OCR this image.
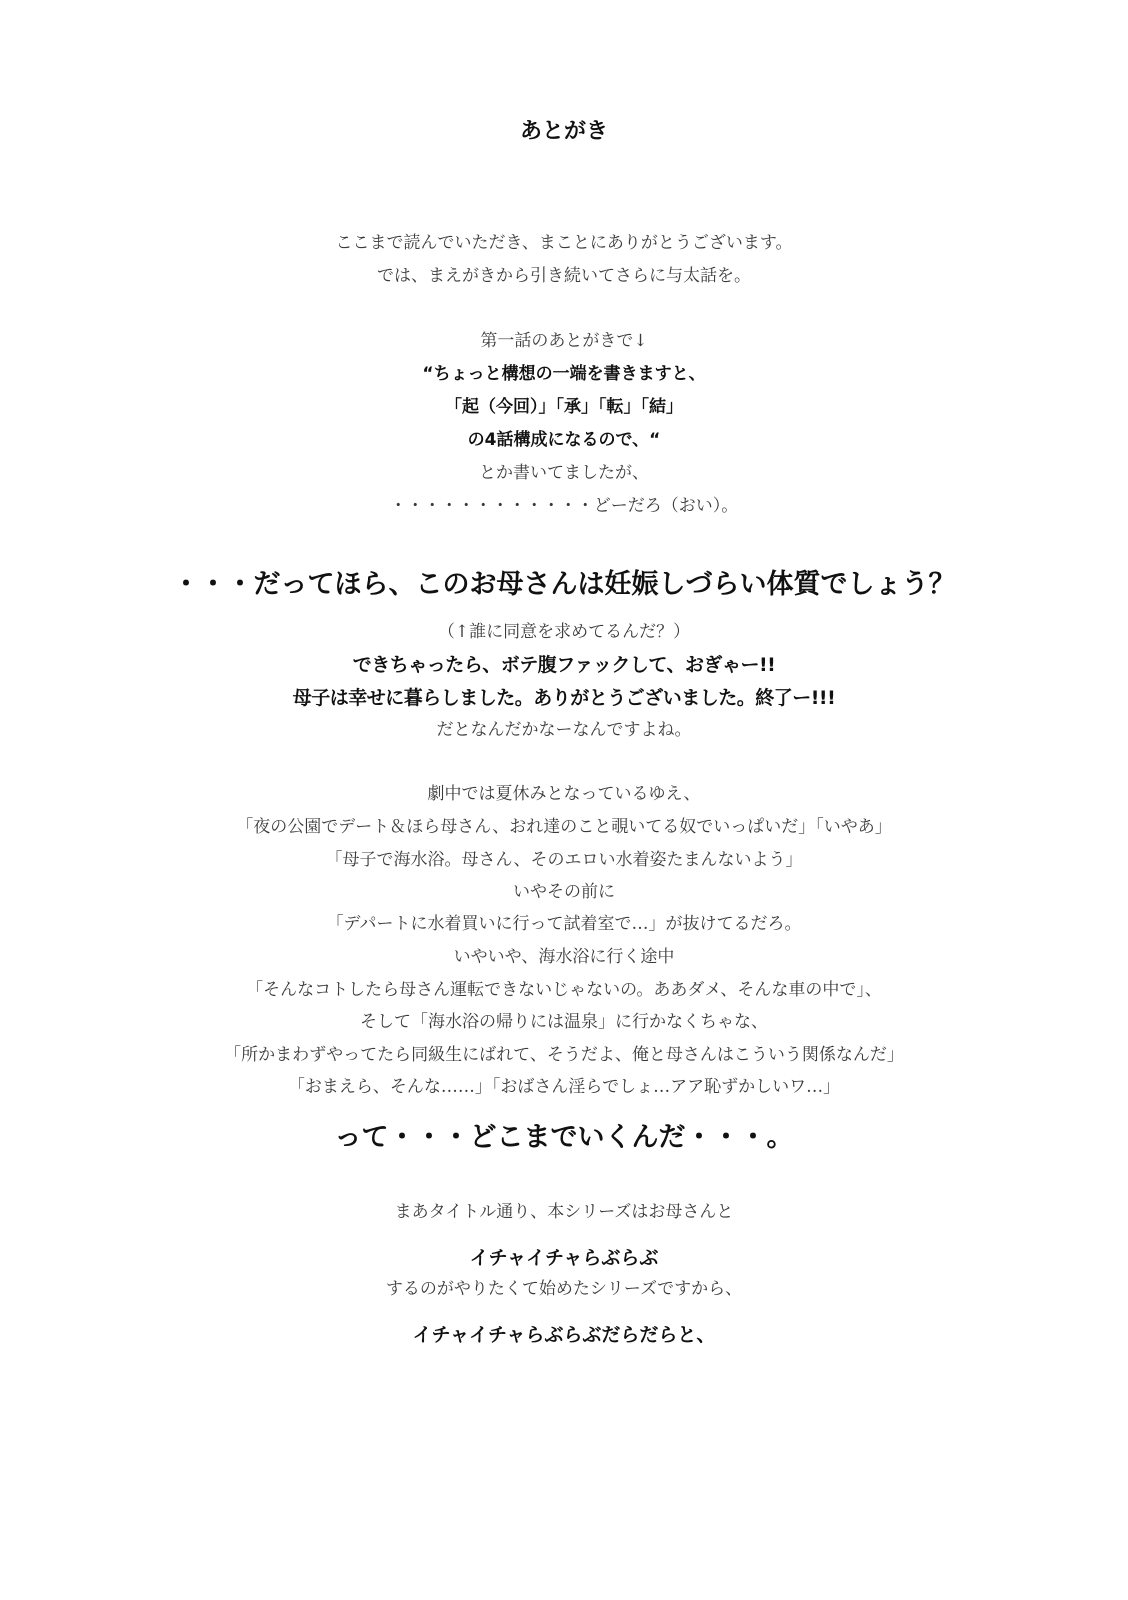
あとがき
ここまで読んでいただき、まことにありがとうございます。
では、まえがきから引き続いてさらに与太話を。
第一話のあとがきで↓
“ちょっと構想の一端を書きますと、
「起（今回）」「承」「転」「結」
の4話構成になるので、“
とか書いてましたが、
・・・・・・・・・・・・どーだろ（おい）。
・・・だってほら、このお母さんは妊娠しづらい体質でしょう？
（↑誰に同意を求めてるんだ？）
できちゃったら、ボテ腹ファックして、おぎゃー!!
母子は幸せに暮らしました。ありがとうございました。終了ー!!!
だとなんだかなーなんですよね。
劇中では夏休みとなっているゆえ、
「夜の公園でデート＆ほら母さん、おれ達のこと覗いてる奴でいっぱいだ」「いやあ」
「母子で海水浴。母さん、そのエロい水着姿たまんないよう」
いやその前に
「デパートに水着買いに行って試着室で…」が抜けてるだろ。
いやいや、海水浴に行く途中
「そんなコトしたら母さん運転できないじゃないの。ああダメ、そんな車の中で」、
そして「海水浴の帰りには温泉」に行かなくちゃな、
「所かまわずやってたら同級生にばれて、そうだよ、俺と母さんはこういう関係なんだ」
「おまえら、そんな……」「おばさん淫らでしょ…アア恥ずかしいワ…」
って・・・どこまでいくんだ・・・。
まあタイトル通り、本シリーズはお母さんと
イチャイチャらぶらぶ
するのがやりたくて始めたシリーズですから、
イチャイチャらぶらぶだらだらと、
